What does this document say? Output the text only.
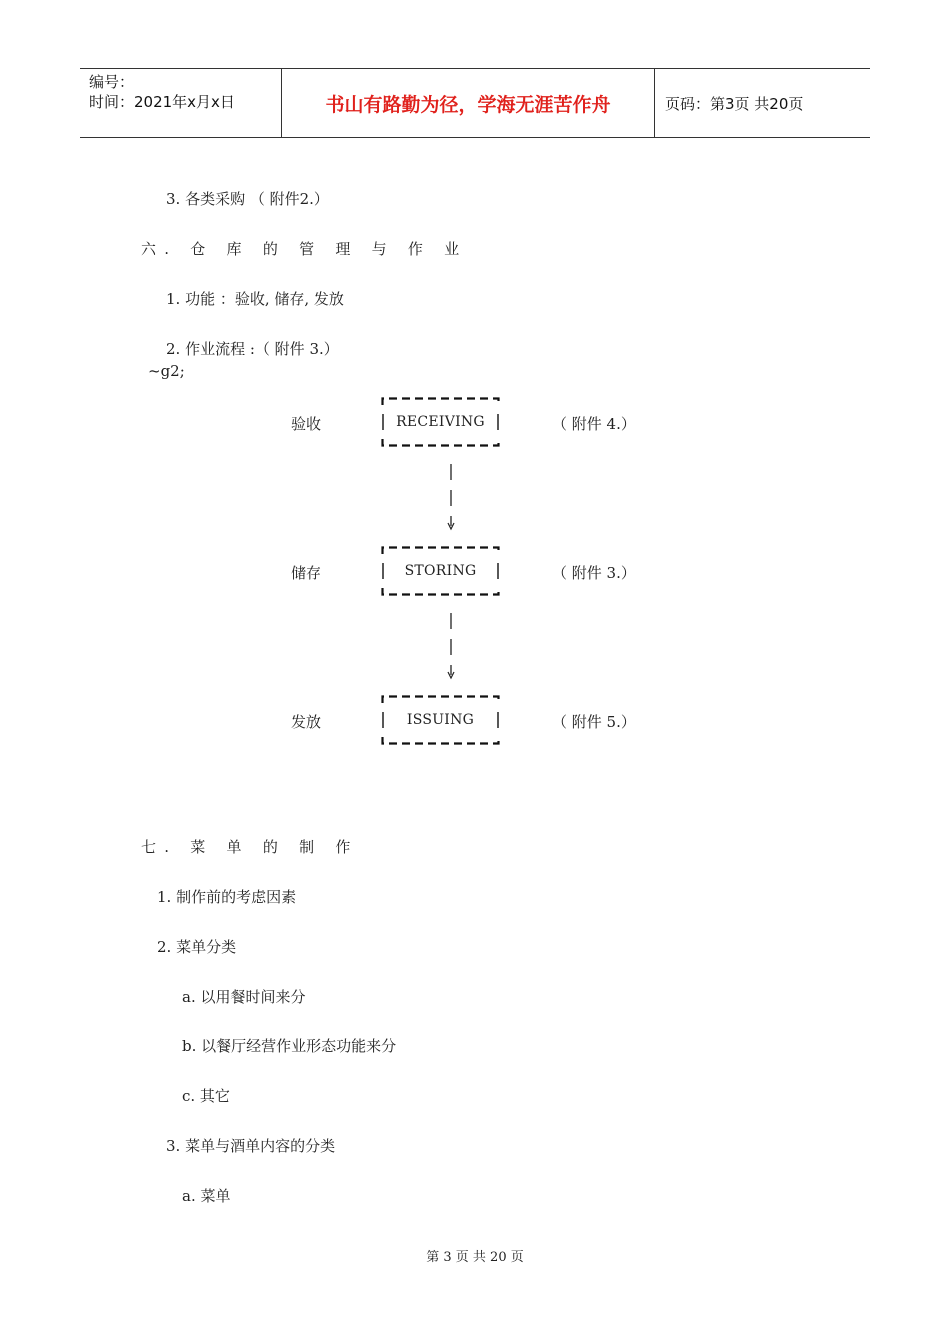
编号：
时间：2021年x月x日	书山有路勤为径，学海无涯苦作舟	页码：第3页 共20页
3. 各类采购 （ 附件2.）
六. 仓 库 的 管 理 与 作 业
1. 功能 ：验收, 储存, 发放
2. 作业流程 :（ 附件 3.）
~g2;
验收	RECEIVING	（ 附件 4.）
储存	STORING	（ 附件 3.）
发放	ISSUING	（ 附件 5.）
七. 菜 单 的 制 作
1. 制作前的考虑因素
2. 菜单分类
a. 以用餐时间来分
b. 以餐厅经营作业形态功能来分
c. 其它
3. 菜单与酒单内容的分类
a. 菜单
第 3 页 共 20 页
